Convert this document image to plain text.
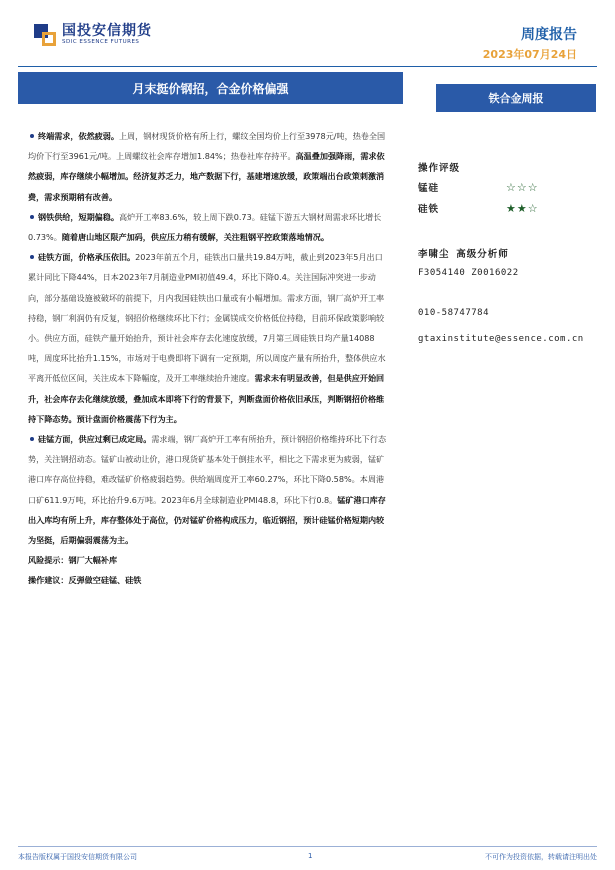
国投安信期货
SDIC ESSENCE FUTURES	周度报告
2023年07月24日
月末挺价钢招，合金价格偏强
铁合金周报
终端需求，依然疲弱。上周，钢材现货价格有所上行，螺纹全国均价上行至3978元/吨，热卷全国均价下行至3961元/吨。上周螺纹社会库存增加1.84%；热卷社库存持平。高温叠加强降雨，需求依然疲弱，库存继续小幅增加。经济复苏乏力，地产数据下行，基建增速放缓，政策端出台政策刺激消费，需求预期稍有改善。
钢铁供给，短期偏稳。高炉开工率83.6%，较上周下跌0.73。硅锰下游五大钢材周需求环比增长0.73%。随着唐山地区限产加码，供应压力稍有缓解，关注粗钢平控政策落地情况。
硅铁方面，价格承压依旧。2023年前五个月，硅铁出口量共19.84万吨，截止到2023年5月出口累计同比下降44%，日本2023年7月制造业PMI初值49.4，环比下降0.4。关注国际冲突进一步动向，部分基础设施被破坏的前提下，月内我国硅铁出口量或有小幅增加。需求方面，钢厂高炉开工率持稳，钢厂利润仍有反复，钢招价格继续环比下行；金属镁成交价格低位持稳，目前环保政策影响较小。供应方面，硅铁产量开始抬升，预计社会库存去化速度放缓，7月第三周硅铁日均产量14088吨，周度环比抬升1.15%，市场对于电费即将下调有一定预期，所以周度产量有所抬升，整体供应水平离开低位区间，关注成本下降幅度，及开工率继续抬升速度。需求未有明显改善，但是供应开始回升，社会库存去化继续放缓，叠加成本即将下行的背景下，判断盘面价格依旧承压，判断钢招价格维持下降态势。预计盘面价格震荡下行为主。
硅锰方面，供应过剩已成定局。需求端，钢厂高炉开工率有所抬升，预计钢招价格维持环比下行态势，关注钢招动态。锰矿山被动让价，港口现货矿基本处于倒挂水平，相比之下需求更为疲弱，锰矿港口库存高位持稳，难改锰矿价格疲弱趋势。供给端周度开工率60.27%，环比下降0.58%。本周港口矿611.9万吨，环比抬升9.6万吨。2023年6月全球制造业PMI48.8，环比下行0.8。锰矿港口库存出入库均有所上升，库存整体处于高位，仍对锰矿价格构成压力，临近钢招，预计硅锰价格短期内较为坚挺，后期偏弱震荡为主。
风险提示：钢厂大幅补库
操作建议：反弹做空硅锰、硅铁
操作评级
锰硅	☆☆☆
硅铁	★★☆
李啸尘 高级分析师
F3054140 Z0016022
010-58747784
gtaxinstitute@essence.com.cn
本报告版权属于国投安信期货有限公司	1	不可作为投资依据，转载请注明出处
